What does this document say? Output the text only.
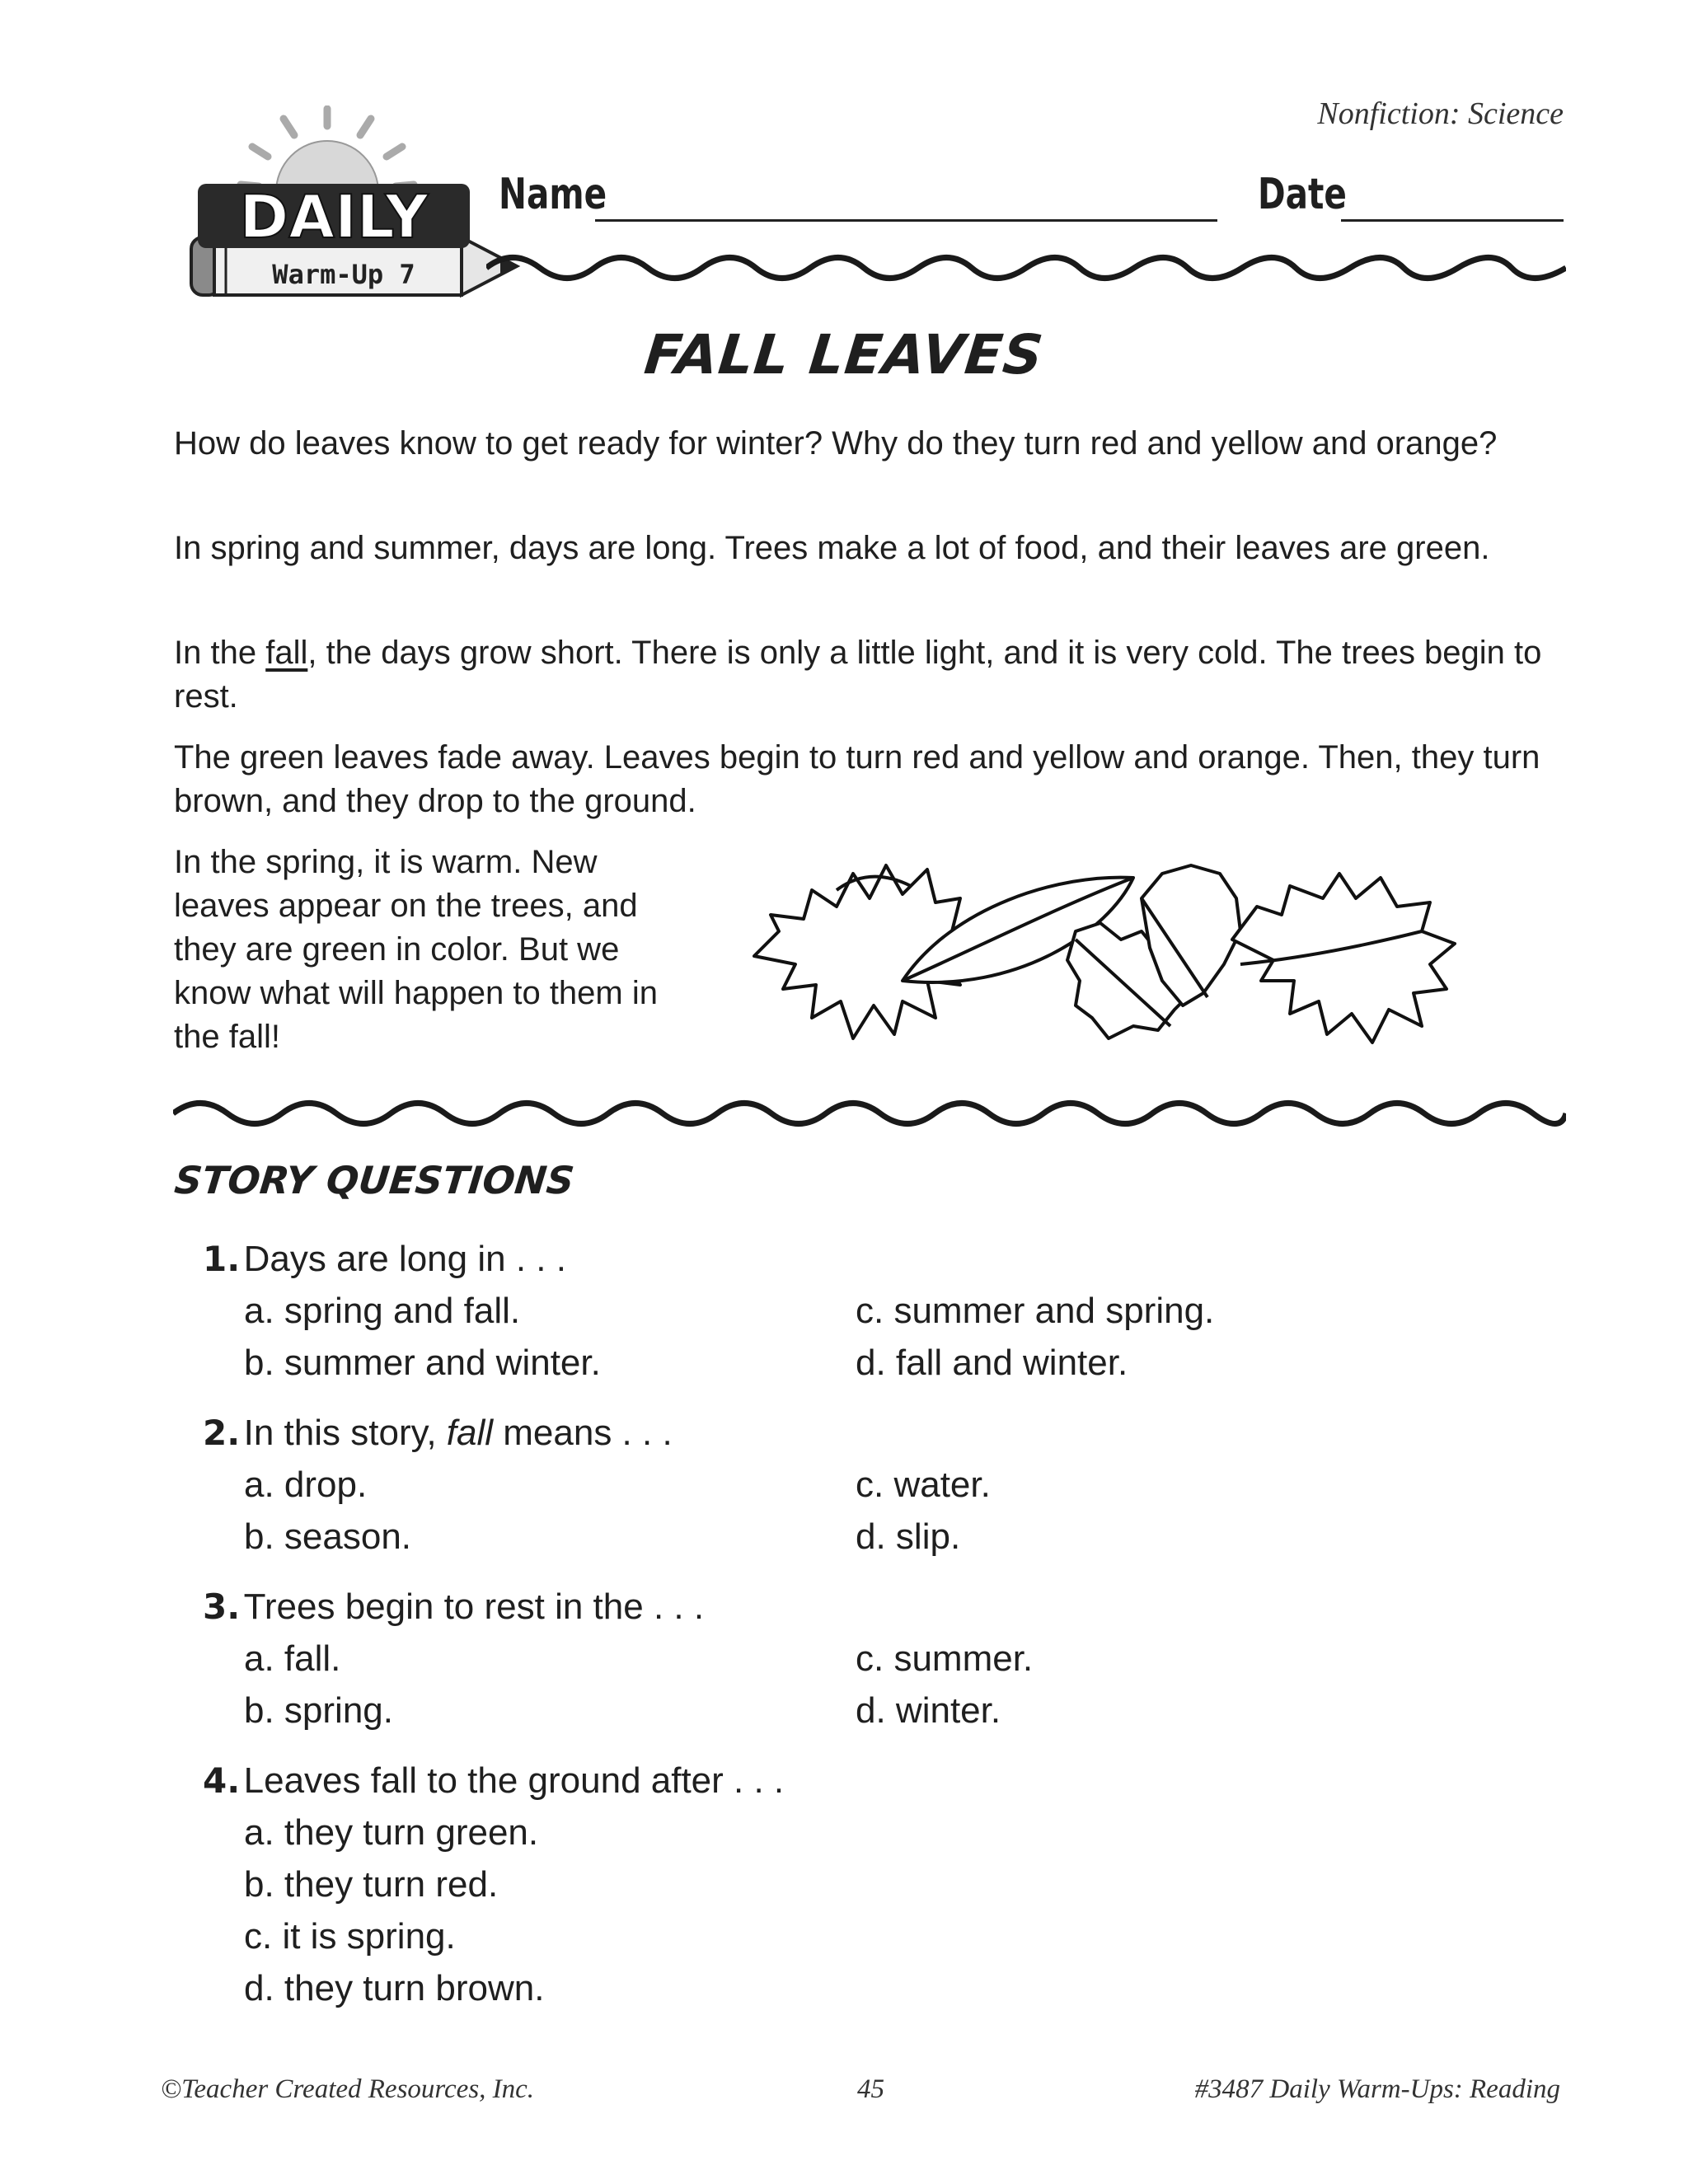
Nonfiction: Science
DAILY
Warm-Up 7
Name	Date
FALL LEAVES

How do leaves know to get ready for winter? Why do they turn red and yellow and orange?

In spring and summer, days are long. Trees make a lot of food, and their leaves are green.

In the fall, the days grow short. There is only a little light, and it is very cold. The trees begin to rest.

The green leaves fade away. Leaves begin to turn red and yellow and orange. Then, they turn brown, and they drop to the ground.

In the spring, it is warm. New leaves appear on the trees, and they are green in color. But we know what will happen to them in the fall!

STORY QUESTIONS
1. Days are long in . . .
a. spring and fall.
b. summer and winter.
c. summer and spring.
d. fall and winter.
2. In this story, fall means . . .
a. drop.
b. season.
c. water.
d. slip.
3. Trees begin to rest in the . . .
a. fall.
b. spring.
c. summer.
d. winter.
4. Leaves fall to the ground after . . .
a. they turn green.
b. they turn red.
c. it is spring.
d. they turn brown.
©Teacher Created Resources, Inc.	45	#3487 Daily Warm-Ups: Reading
